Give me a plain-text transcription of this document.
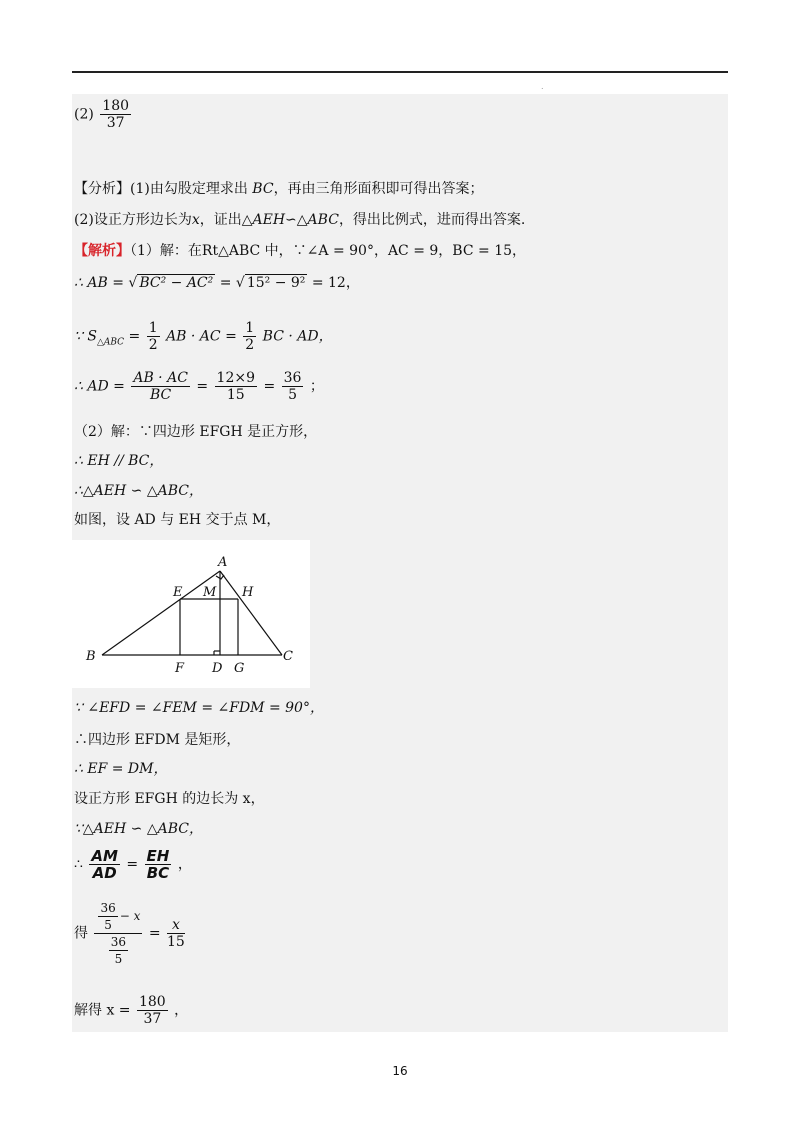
.
$(2) \frac{180}{37}$
【分析】(1)由勾股定理求出 BC，再由三角形面积即可得出答案；
(2)设正方形边长为x，证出△AEH∽△ABC，得出比例式，进而得出答案.
【解析】（1）解：在Rt△ABC 中，∵∠A = 90°，AC = 9，BC = 15，
∴ AB = √ BC² − AC² = √ 15² − 9² = 12，
∵ $S_{\triangle ABC} = \frac{1}{2}$ AB · AC = $\frac{1}{2}$ BC · AD，
∴ AD = $\frac{AB \cdot AC}{BC} = \frac{12\times 9}{15} = \frac{36}{5}$ ；
（2）解：∵四边形 EFGH 是正方形，
∴ EH // BC，
∴△AEH ∽ △ABC，
如图，设 AD 与 EH 交于点 M，
A
B	C
D
E
F	G
H
M
∵ ∠EFD = ∠FEM = ∠FDM = 90°，
∴四边形 EFDM 是矩形，
∴ EF = DM，
设正方形 EFGH 的边长为 x，
∵△AEH ∽ △ABC，
∴ $\frac{AM}{AD} = \frac{EH}{BC}$ ，
得 $\frac{\frac{36}{5} - x}{\frac{36}{5}} = \frac{x}{15}$
解得 $x = \frac{180}{37}$ ，
16
